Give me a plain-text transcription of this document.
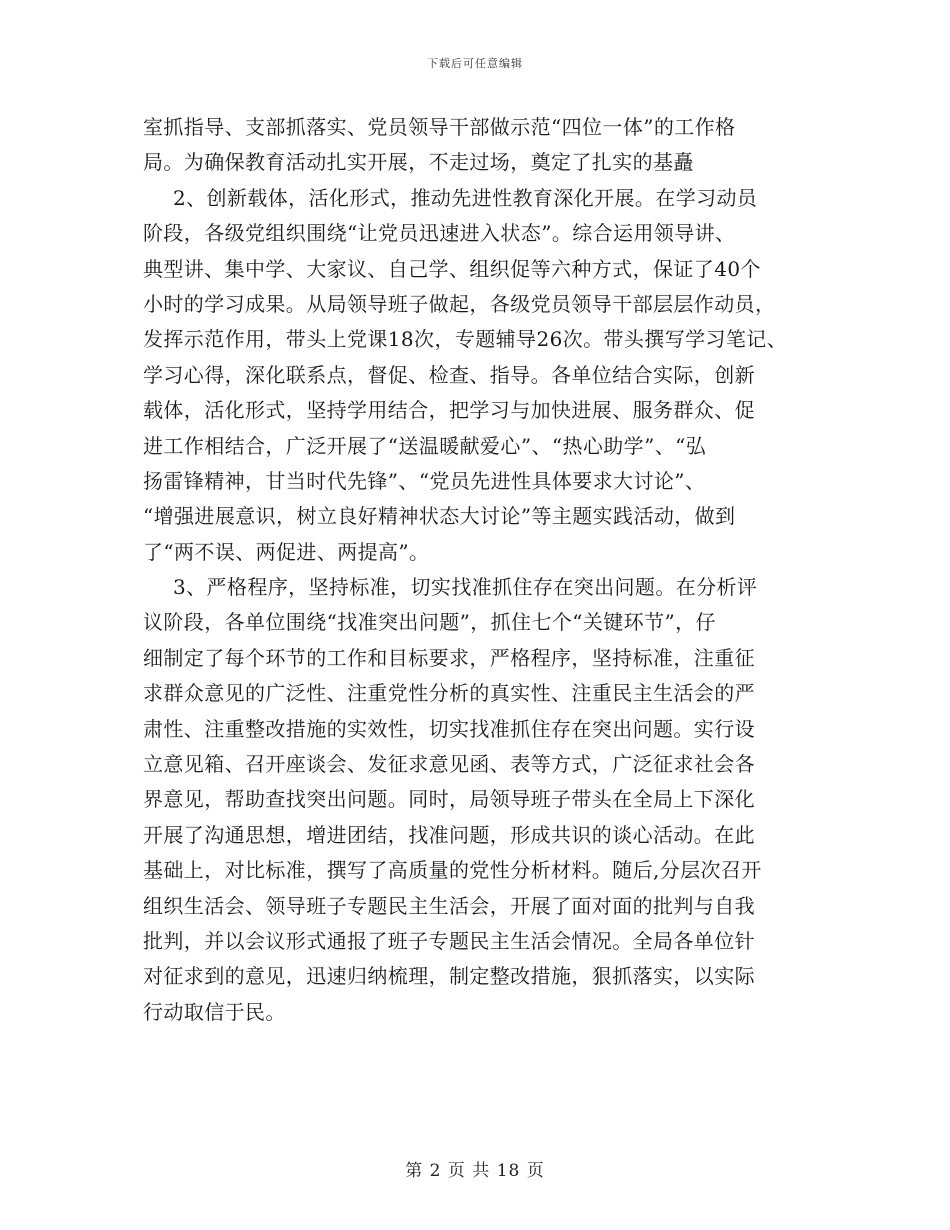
下载后可任意编辑
室抓指导、支部抓落实、党员领导干部做示范“四位一体”的工作格
局。为确保教育活动扎实开展，不走过场，奠定了扎实的基矗
2、创新载体，活化形式，推动先进性教育深化开展。在学习动员
阶段，各级党组织围绕“让党员迅速进入状态”。综合运用领导讲、
典型讲、集中学、大家议、自己学、组织促等六种方式，保证了40个
小时的学习成果。从局领导班子做起，各级党员领导干部层层作动员，
发挥示范作用，带头上党课18次，专题辅导26次。带头撰写学习笔记、
学习心得，深化联系点，督促、检查、指导。各单位结合实际，创新
载体，活化形式，坚持学用结合，把学习与加快进展、服务群众、促
进工作相结合，广泛开展了“送温暖献爱心”、“热心助学”、“弘
扬雷锋精神，甘当时代先锋”、“党员先进性具体要求大讨论”、
“增强进展意识，树立良好精神状态大讨论”等主题实践活动，做到
了“两不误、两促进、两提高”。
3、严格程序，坚持标准，切实找准抓住存在突出问题。在分析评
议阶段，各单位围绕“找准突出问题”，抓住七个“关键环节”，仔
细制定了每个环节的工作和目标要求，严格程序，坚持标准，注重征
求群众意见的广泛性、注重党性分析的真实性、注重民主生活会的严
肃性、注重整改措施的实效性，切实找准抓住存在突出问题。实行设
立意见箱、召开座谈会、发征求意见函、表等方式，广泛征求社会各
界意见，帮助查找突出问题。同时，局领导班子带头在全局上下深化
开展了沟通思想，增进团结，找准问题，形成共识的谈心活动。在此
基础上，对比标准，撰写了高质量的党性分析材料。随后,分层次召开
组织生活会、领导班子专题民主生活会，开展了面对面的批判与自我
批判，并以会议形式通报了班子专题民主生活会情况。全局各单位针
对征求到的意见，迅速归纳梳理，制定整改措施，狠抓落实，以实际
行动取信于民。
第 2 页 共 18 页
